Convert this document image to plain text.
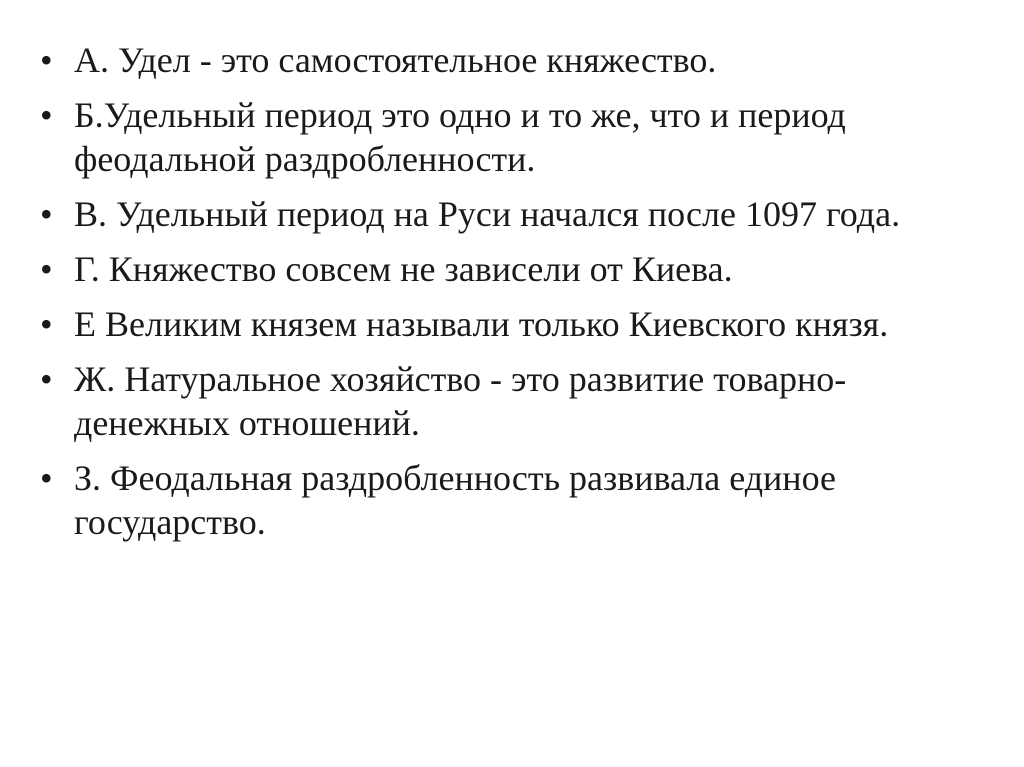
• А. Удел - это самостоятельное княжество.
• Б.Удельный период это одно и то же, что и период феодальной раздробленности.
• В. Удельный период на Руси начался после 1097 года.
• Г. Княжество совсем не зависели от Киева.
• Е Великим князем называли только Киевского князя.
• Ж. Натуральное хозяйство - это развитие товарно-денежных отношений.
• З. Феодальная раздробленность развивала единое государство.
